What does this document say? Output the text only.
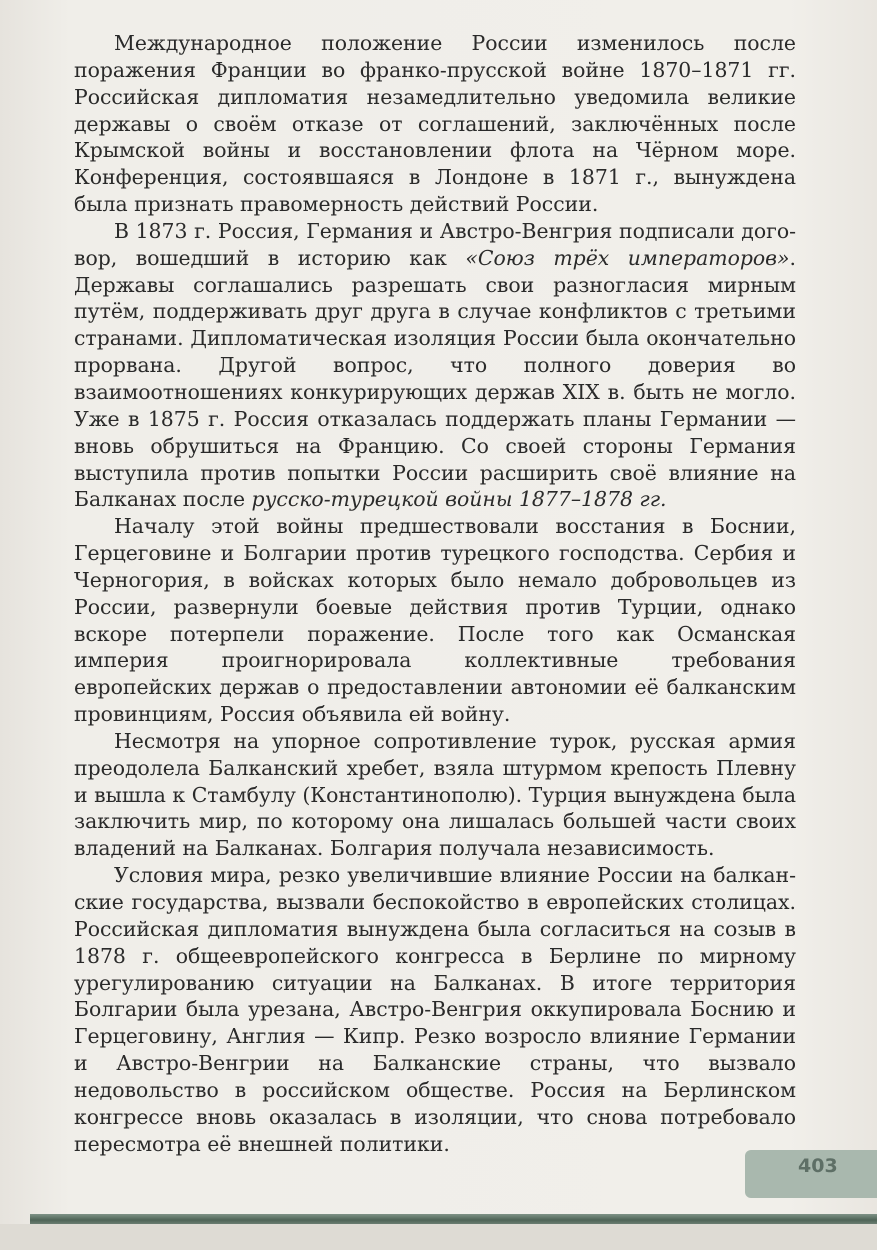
Международное положение России изменилось после поражения Франции во франко-прусской войне 1870–1871 гг. Российская дипломатия незамедлительно уведомила великие державы о своём отказе от соглашений, заключённых после Крымской войны и восстановлении флота на Чёрном море. Конференция, состоявшаяся в Лондоне в 1871 г., вынуждена была признать правомерность действий России.

В 1873 г. Россия, Германия и Австро-Венгрия подписали договор, вошедший в историю как «Союз трёх императоров». Державы соглашались разрешать свои разногласия мирным путём, поддерживать друг друга в случае конфликтов с третьими странами. Дипломатическая изоляция России была окончательно прорвана. Другой вопрос, что полного доверия во взаимоотношениях конкурирующих держав XIX в. быть не могло. Уже в 1875 г. Россия отказалась поддержать планы Германии — вновь обрушиться на Францию. Со своей стороны Германия выступила против попытки России расширить своё влияние на Балканах после русско-турецкой войны 1877–1878 гг.

Началу этой войны предшествовали восстания в Боснии, Герцеговине и Болгарии против турецкого господства. Сербия и Черногория, в войсках которых было немало добровольцев из России, развернули боевые действия против Турции, однако вскоре потерпели поражение. После того как Османская империя проигнорировала коллективные требования европейских держав о предоставлении автономии её балканским провинциям, Россия объявила ей войну.

Несмотря на упорное сопротивление турок, русская армия преодолела Балканский хребет, взяла штурмом крепость Плевну и вышла к Стамбулу (Константинополю). Турция вынуждена была заключить мир, по которому она лишалась большей части своих владений на Балканах. Болгария получала независимость.

Условия мира, резко увеличившие влияние России на балканские государства, вызвали беспокойство в европейских столицах. Российская дипломатия вынуждена была согласиться на созыв в 1878 г. общеевропейского конгресса в Берлине по мирному урегулированию ситуации на Балканах. В итоге территория Болгарии была урезана, Австро-Венгрия оккупировала Боснию и Герцеговину, Англия — Кипр. Резко возросло влияние Германии и Австро-Венгрии на Балканские страны, что вызвало недовольство в российском обществе. Россия на Берлинском конгрессе вновь оказалась в изоляции, что снова потребовало пересмотра её внешней политики.

403
